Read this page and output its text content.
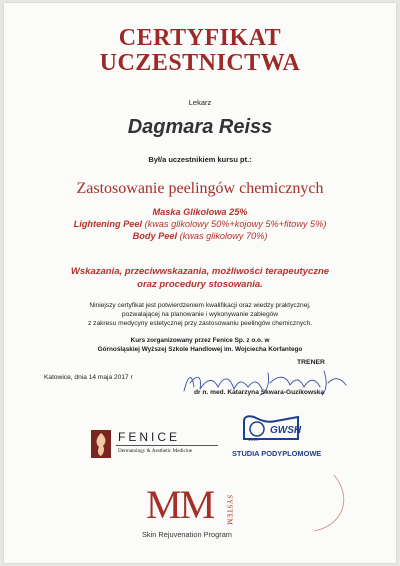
CERTYFIKAT
UCZESTNICTWA
Lekarz
Dagmara Reiss
Był/a uczestnikiem kursu pt.:
Zastosowanie peelingów chemicznych
Maska Glikolowa 25%
Lightening Peel (kwas glikolowy 50%+kojowy 5%+fitowy 5%)
Body Peel (kwas glikolowy 70%)
Wskazania, przeciwwskazania, możliwości terapeutyczne
oraz procedury stosowania.
Niniejszy certyfikat jest potwierdzeniem kwalifikacji oraz wiedzy praktycznej,
pozwalającej na planowanie i wykonywanie zabiegów
z zakresu medycyny estetycznej przy zastosowaniu peelingów chemicznych.
Kurs zorganizowany przez Fenice Sp. z o.o. w
Górnośląskiej Wyższej Szkole Handlowej im. Wojciecha Korfantego
TRENER
Katowice, dnia 14 maja 2017 r
dr n. med. Katarzyna Skwara-Guzikowska
FENICE
Dermatology & Aesthetic Medicine
GWSH
1994
STUDIA PODYPLOMOWE
MM SYSTEM
Skin Rejuvenation Program
